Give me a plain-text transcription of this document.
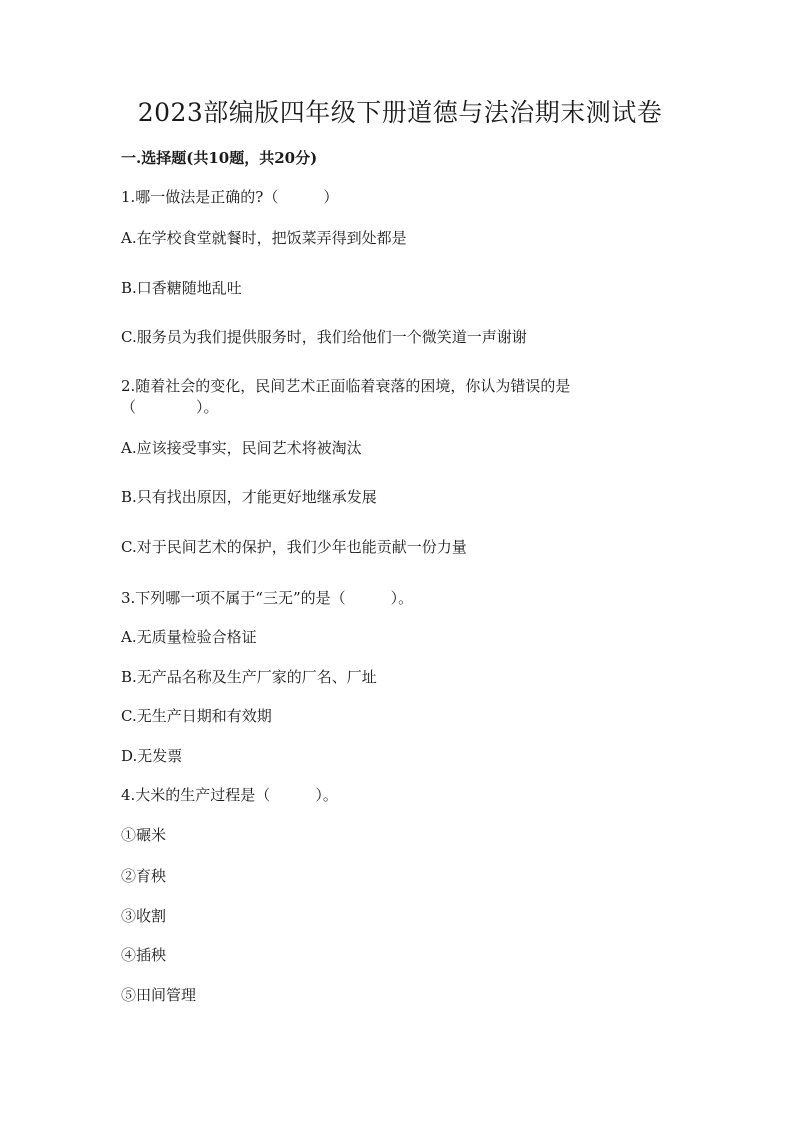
2023部编版四年级下册道德与法治期末测试卷
一.选择题(共10题，共20分)
1.哪一做法是正确的?（　　　）
A.在学校食堂就餐时，把饭菜弄得到处都是
B.口香糖随地乱吐
C.服务员为我们提供服务时，我们给他们一个微笑道一声谢谢
2.随着社会的变化，民间艺术正面临着衰落的困境，你认为错误的是
（　　　　）。
A.应该接受事实，民间艺术将被淘汰
B.只有找出原因，才能更好地继承发展
C.对于民间艺术的保护，我们少年也能贡献一份力量
3.下列哪一项不属于“三无”的是（　　　）。
A.无质量检验合格证
B.无产品名称及生产厂家的厂名、厂址
C.无生产日期和有效期
D.无发票
4.大米的生产过程是（　　　）。
①碾米
②育秧
③收割
④插秧
⑤田间管理
